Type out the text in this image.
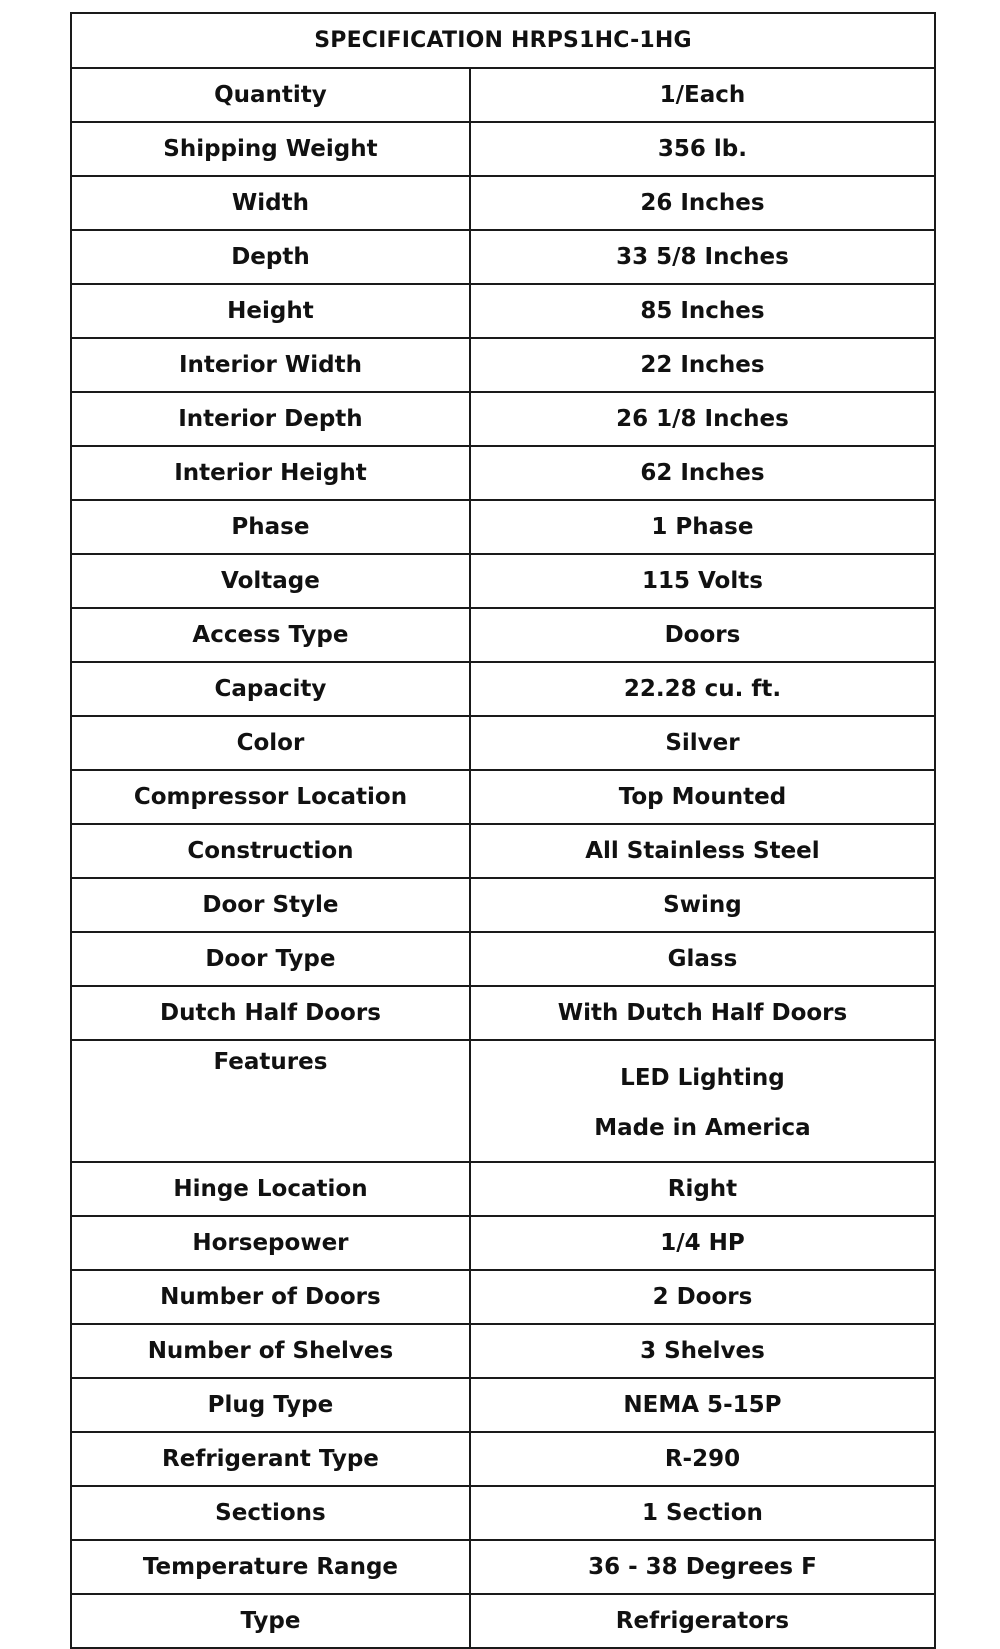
SPECIFICATION HRPS1HC-1HG	
Quantity	1/Each
Shipping Weight	356 lb.
Width	26 Inches
Depth	33 5/8 Inches
Height	85 Inches
Interior Width	22 Inches
Interior Depth	26 1/8 Inches
Interior Height	62 Inches
Phase	1 Phase
Voltage	115 Volts
Access Type	Doors
Capacity	22.28 cu. ft.
Color	Silver
Compressor Location	Top Mounted
Construction	All Stainless Steel
Door Style	Swing
Door Type	Glass
Dutch Half Doors	With Dutch Half Doors
Features	LED Lighting
Made in America

Hinge Location	Right
Horsepower	1/4 HP
Number of Doors	2 Doors
Number of Shelves	3 Shelves
Plug Type	NEMA 5-15P
Refrigerant Type	R-290
Sections	1 Section
Temperature Range	36 - 38 Degrees F
Type	Refrigerators
